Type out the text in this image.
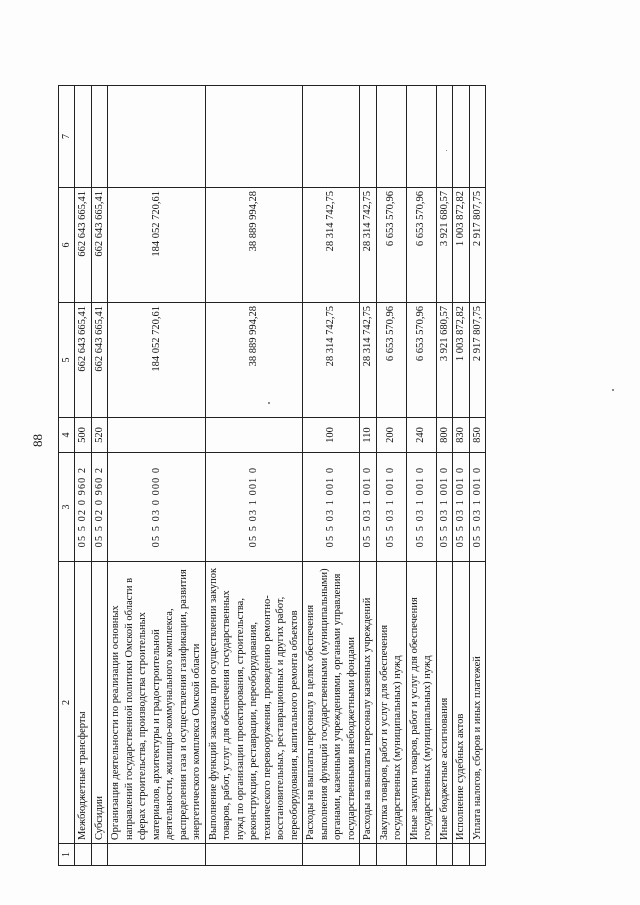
88
1	2	3	4	5	6	7
	Межбюджетные трансферты	05 5 02 0 960 2	500	662 643 665,41	662 643 665,41	
	Субсидии	05 5 02 0 960 2	520	662 643 665,41	662 643 665,41	
	Организация деятельности по реализации основных направлений государственной политики Омской области в сферах строительства, производства строительных материалов, архитектуры и градостроительной деятельности, жилищно-коммунального комплекса, распределения газа и осуществления газификации, развития энергетического комплекса Омской области	05 5 03 0 000 0		184 052 720,61	184 052 720,61	
	Выполнение функций заказчика при осуществлении закупок товаров, работ, услуг для обеспечения государственных нужд по организации проектирования, строительства, реконструкции, реставрации, переоборудования, технического перевооружения, проведению ремонтно-восстановительных, реставрационных и других работ, переоборудования, капитального ремонта объектов	05 5 03 1 001 0		38 889 994,28	38 889 994,28	
	Расходы на выплаты персоналу в целях обеспечения выполнения функций государственными (муниципальными) органами, казенными учреждениями, органами управления государственными внебюджетными фондами	05 5 03 1 001 0	100	28 314 742,75	28 314 742,75	
	Расходы на выплаты персоналу казенных учреждений	05 5 03 1 001 0	110	28 314 742,75	28 314 742,75	
	Закупка товаров, работ и услуг для обеспечения государственных (муниципальных) нужд	05 5 03 1 001 0	200	6 653 570,96	6 653 570,96	
	Иные закупки товаров, работ и услуг для обеспечения государственных (муниципальных) нужд	05 5 03 1 001 0	240	6 653 570,96	6 653 570,96	
	Иные бюджетные ассигнования	05 5 03 1 001 0	800	3 921 680,57	3 921 680,57	
	Исполнение судебных актов	05 5 03 1 001 0	830	1 003 872,82	1 003 872,82	
	Уплата налогов, сборов и иных платежей	05 5 03 1 001 0	850	2 917 807,75	2 917 807,75	
